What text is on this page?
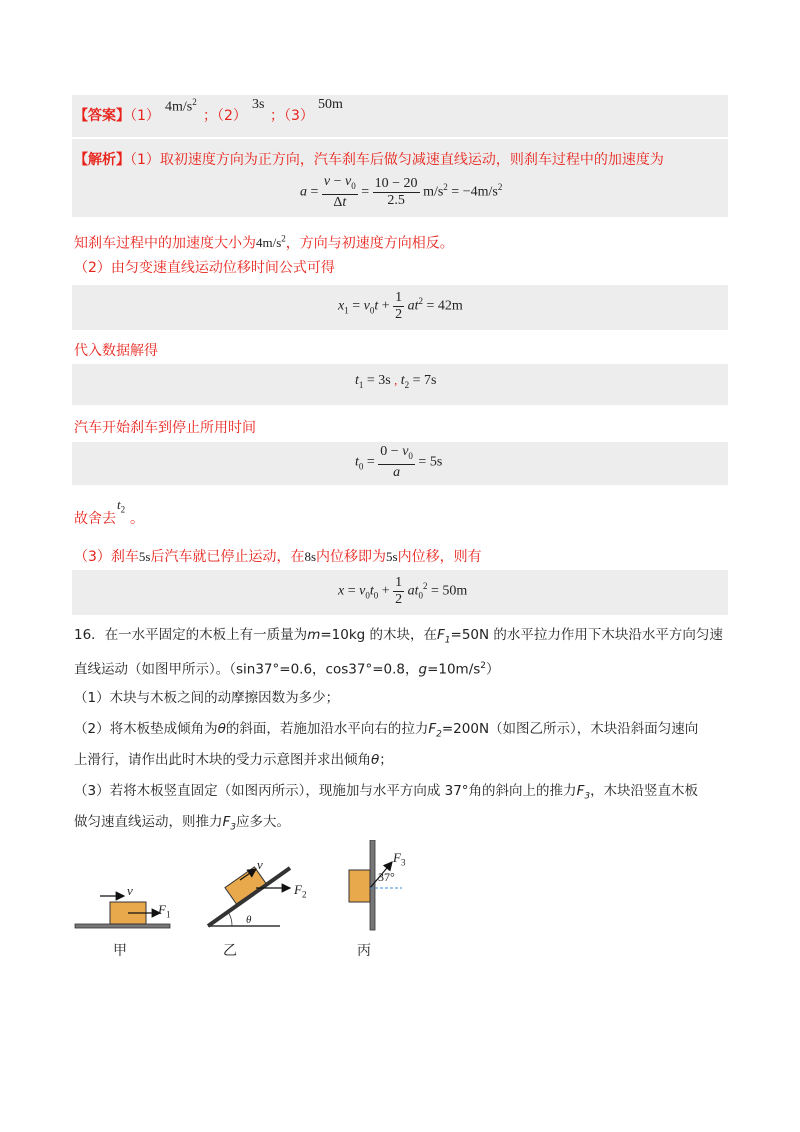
【答案】（1）
$4m/s^2$
；（2）
3s
；（3）
50m
【解析】（1）取初速度方向为正方向，汽车刹车后做匀减速直线运动，则刹车过程中的加速度为
$a = \frac{v - v_0}{\Delta t} = \frac{10 - 20}{2.5} m/s^2 = -4m/s^2$
知刹车过程中的加速度大小为$4m/s^2$，方向与初速度方向相反。
（2）由匀变速直线运动位移时间公式可得
$x_1 = v_0t + \frac{1}{2} at^2 = 42m$
代入数据解得
$t_1 = 3s$ , $t_2 = 7s$
汽车开始刹车到停止所用时间
$t_0 = \frac{0 - v_0}{a} = 5s$
故舍去 。
$t_2$
（3）刹车5s后汽车就已停止运动，在8s内位移即为5s内位移，则有
$x = v_0t_0 + \frac{1}{2} at_0^2 = 50m$
16．在一水平固定的木板上有一质量为m=10kg 的木块，在$F_1=50N$ 的水平拉力作用下木块沿水平方向匀速
直线运动（如图甲所示）。（sin37°=0.6，cos37°=0.8，$g=10m/s^2$）
（1）木块与木板之间的动摩擦因数为多少；
（2）将木板垫成倾角为θ的斜面，若施加沿水平向右的拉力$F_2=200N$（如图乙所示），木块沿斜面匀速向
上滑行，请作出此时木块的受力示意图并求出倾角θ；
（3）若将木板竖直固定（如图丙所示），现施加与水平方向成 37°角的斜向上的推力$F_3$，木块沿竖直木板
做匀速直线运动，则推力$F_3$应多大。
v
$F_1$
甲
v
$F_2$
θ
乙
$F_3$
37°
丙
